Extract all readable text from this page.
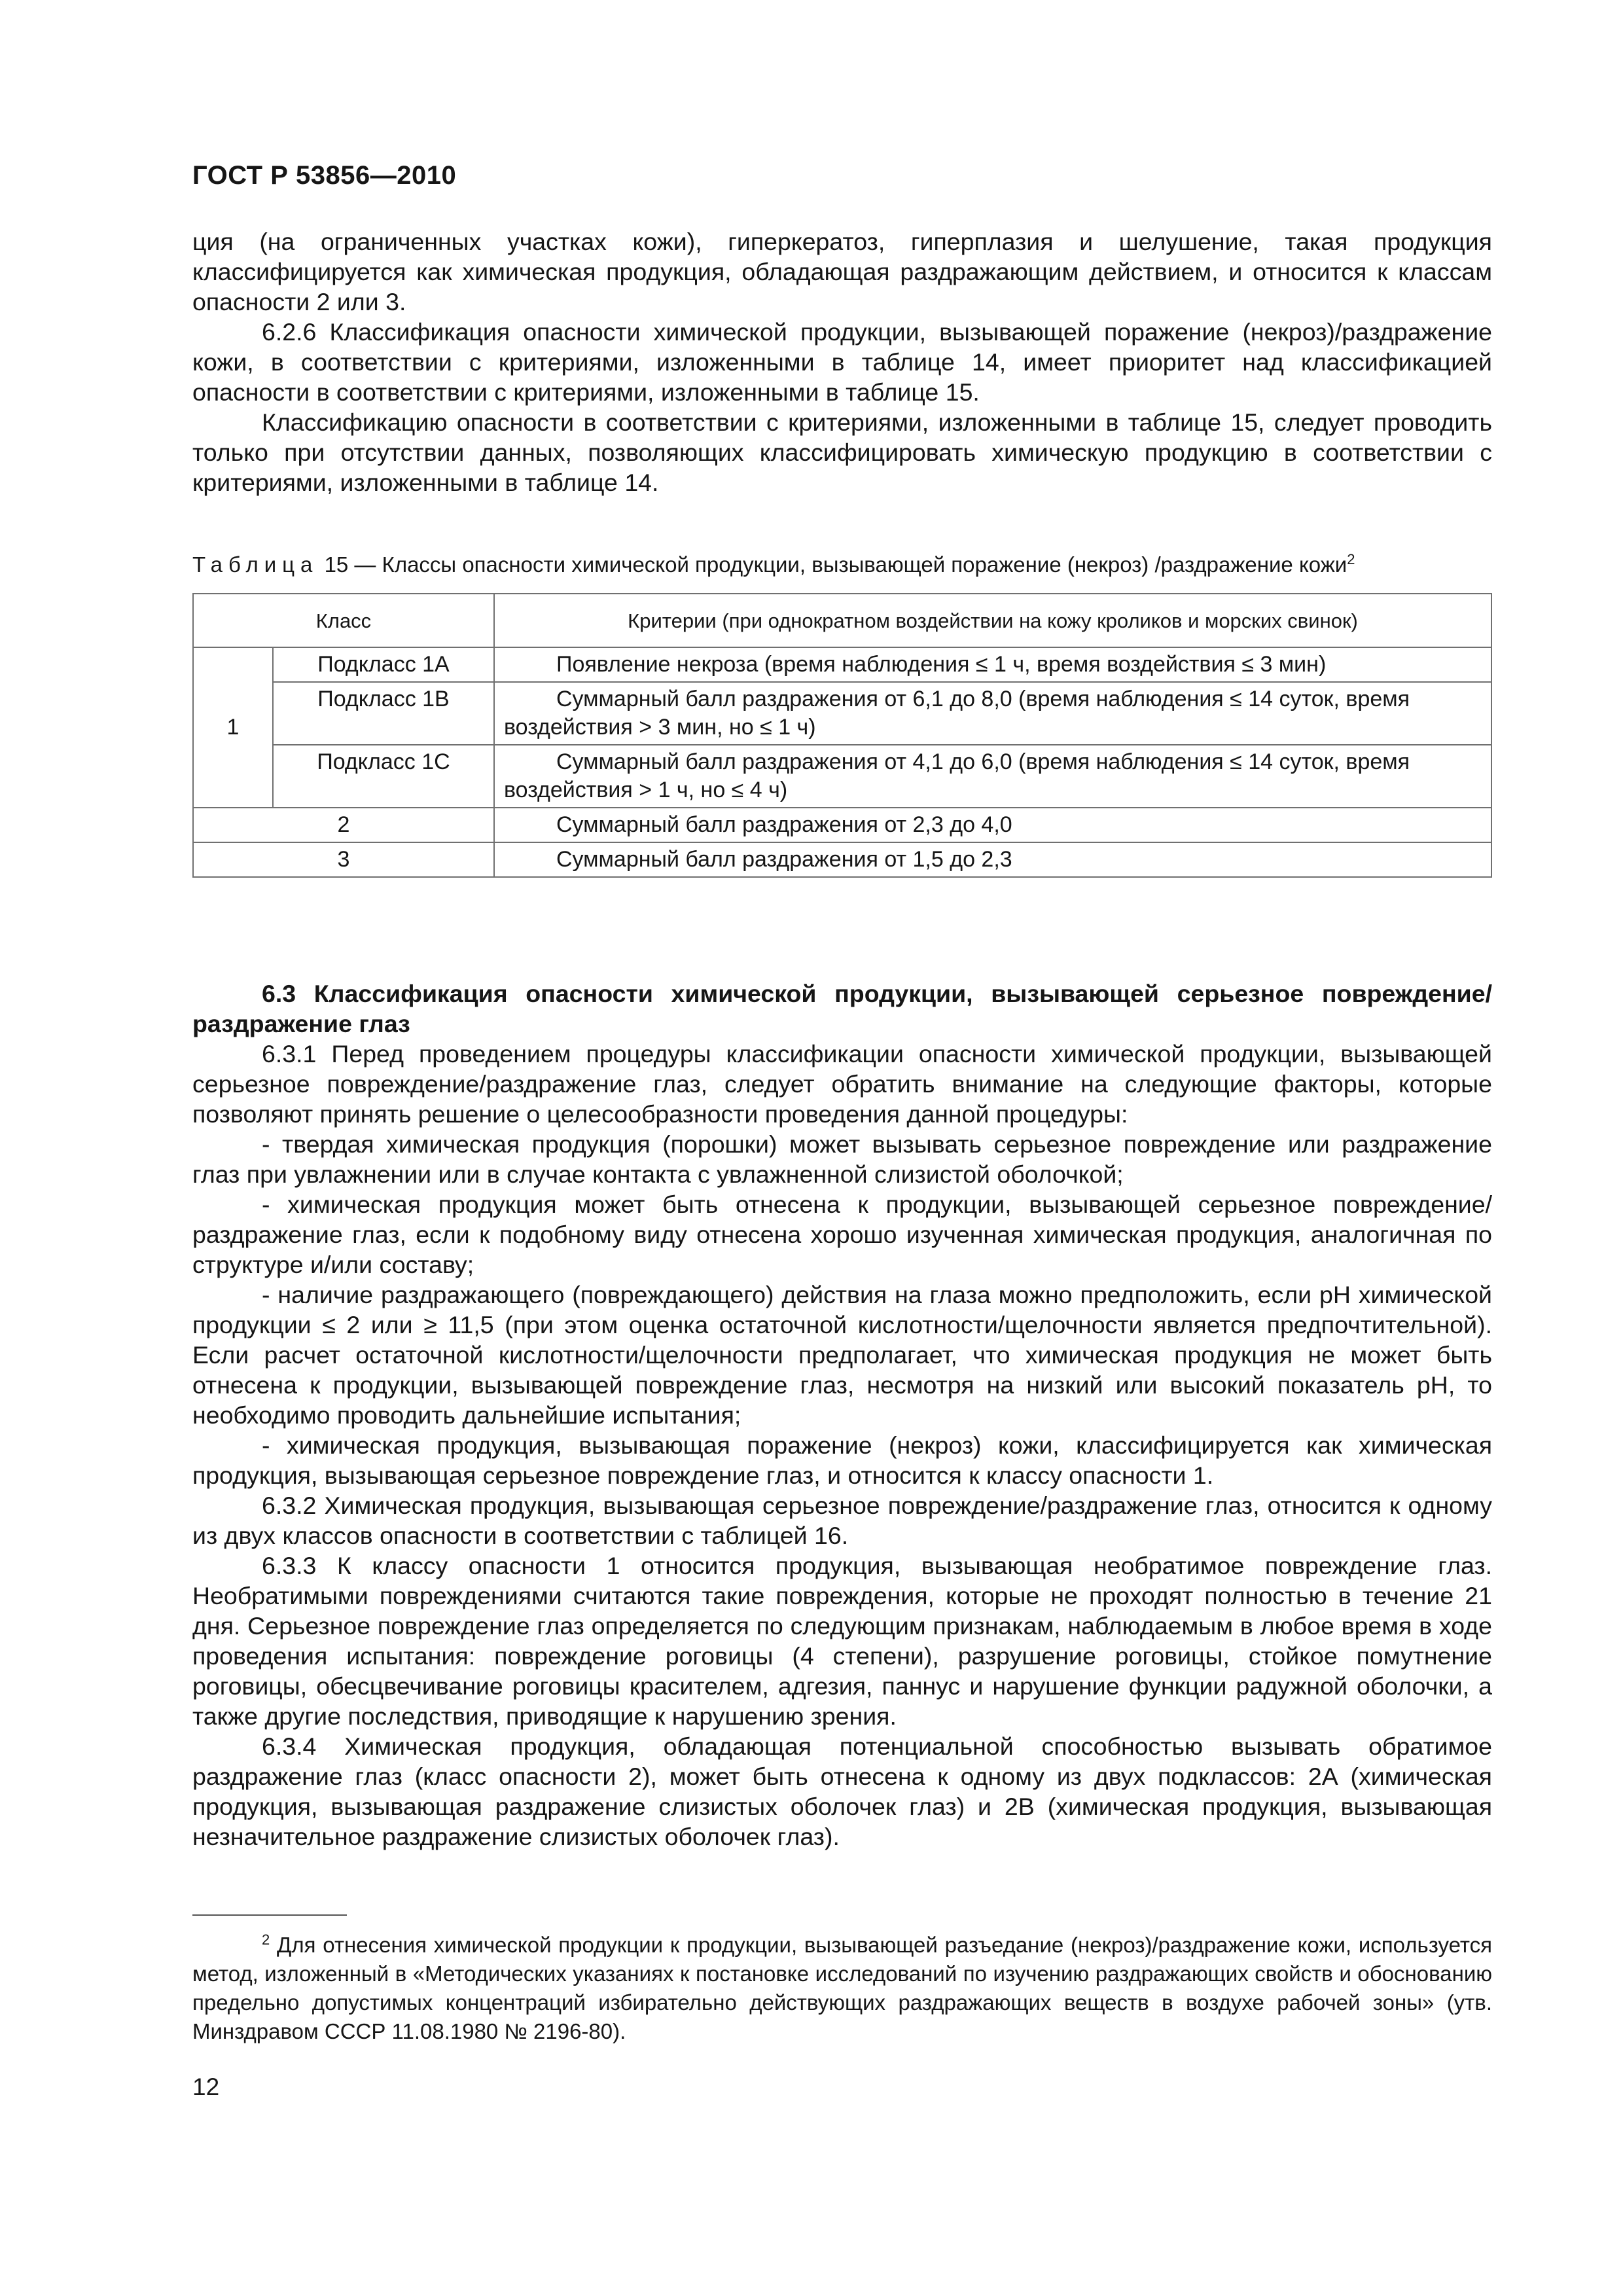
ГОСТ Р 53856—2010

ция (на ограниченных участках кожи), гиперкератоз, гиперплазия и шелушение, такая продукция классифицируется как химическая продукция, обладающая раздражающим действием, и относится к классам опасности 2 или 3.

6.2.6 Классификация опасности химической продукции, вызывающей поражение (некроз)/раздражение кожи, в соответствии с критериями, изложенными в таблице 14, имеет приоритет над классификацией опасности в соответствии с критериями, изложенными в таблице 15.

Классификацию опасности в соответствии с критериями, изложенными в таблице 15, следует проводить только при отсутствии данных, позволяющих классифицировать химическую продукцию в соответствии с критериями, изложенными в таблице 14.

Таблица 15 — Классы опасности химической продукции, вызывающей поражение (некроз) /раздражение кожи$^2$
Класс		Критерии (при однократном воздействии на кожу кроликов и морских свинок)
1	Подкласс 1А	Появление некроза (время наблюдения ≤ 1 ч, время воздействия ≤ 3 мин)
	Подкласс 1В	Суммарный балл раздражения от 6,1 до 8,0 (время наблюдения ≤ 14 суток, время воздействия > 3 мин, но ≤ 1 ч)
	Подкласс 1С	Суммарный балл раздражения от 4,1 до 6,0 (время наблюдения ≤ 14 суток, время воздействия > 1 ч, но ≤ 4 ч)
2		Суммарный балл раздражения от 2,3 до 4,0
3		Суммарный балл раздражения от 1,5 до 2,3

6.3 Классификация опасности химической продукции, вызывающей серьезное повреждение/раздражение глаз

6.3.1 Перед проведением процедуры классификации опасности химической продукции, вызывающей серьезное повреждение/раздражение глаз, следует обратить внимание на следующие факторы, которые позволяют принять решение о целесообразности проведения данной процедуры:

- твердая химическая продукция (порошки) может вызывать серьезное повреждение или раздражение глаз при увлажнении или в случае контакта с увлажненной слизистой оболочкой;

- химическая продукция может быть отнесена к продукции, вызывающей серьезное повреждение/раздражение глаз, если к подобному виду отнесена хорошо изученная химическая продукция, аналогичная по структуре и/или составу;

- наличие раздражающего (повреждающего) действия на глаза можно предположить, если pH химической продукции ≤ 2 или ≥ 11,5 (при этом оценка остаточной кислотности/щелочности является предпочтительной). Если расчет остаточной кислотности/щелочности предполагает, что химическая продукция не может быть отнесена к продукции, вызывающей повреждение глаз, несмотря на низкий или высокий показатель pH, то необходимо проводить дальнейшие испытания;

- химическая продукция, вызывающая поражение (некроз) кожи, классифицируется как химическая продукция, вызывающая серьезное повреждение глаз, и относится к классу опасности 1.

6.3.2 Химическая продукция, вызывающая серьезное повреждение/раздражение глаз, относится к одному из двух классов опасности в соответствии с таблицей 16.

6.3.3 К классу опасности 1 относится продукция, вызывающая необратимое повреждение глаз. Необратимыми повреждениями считаются такие повреждения, которые не проходят полностью в течение 21 дня. Серьезное повреждение глаз определяется по следующим признакам, наблюдаемым в любое время в ходе проведения испытания: повреждение роговицы (4 степени), разрушение роговицы, стойкое помутнение роговицы, обесцвечивание роговицы красителем, адгезия, паннус и нарушение функции радужной оболочки, а также другие последствия, приводящие к нарушению зрения.

6.3.4 Химическая продукция, обладающая потенциальной способностью вызывать обратимое раздражение глаз (класс опасности 2), может быть отнесена к одному из двух подклассов: 2А (химическая продукция, вызывающая раздражение слизистых оболочек глаз) и 2В (химическая продукция, вызывающая незначительное раздражение слизистых оболочек глаз).

$^2$ Для отнесения химической продукции к продукции, вызывающей разъедание (некроз)/раздражение кожи, используется метод, изложенный в «Методических указаниях к постановке исследований по изучению раздражающих свойств и обоснованию предельно допустимых концентраций избирательно действующих раздражающих веществ в воздухе рабочей зоны» (утв. Минздравом СССР 11.08.1980 № 2196-80).

12
